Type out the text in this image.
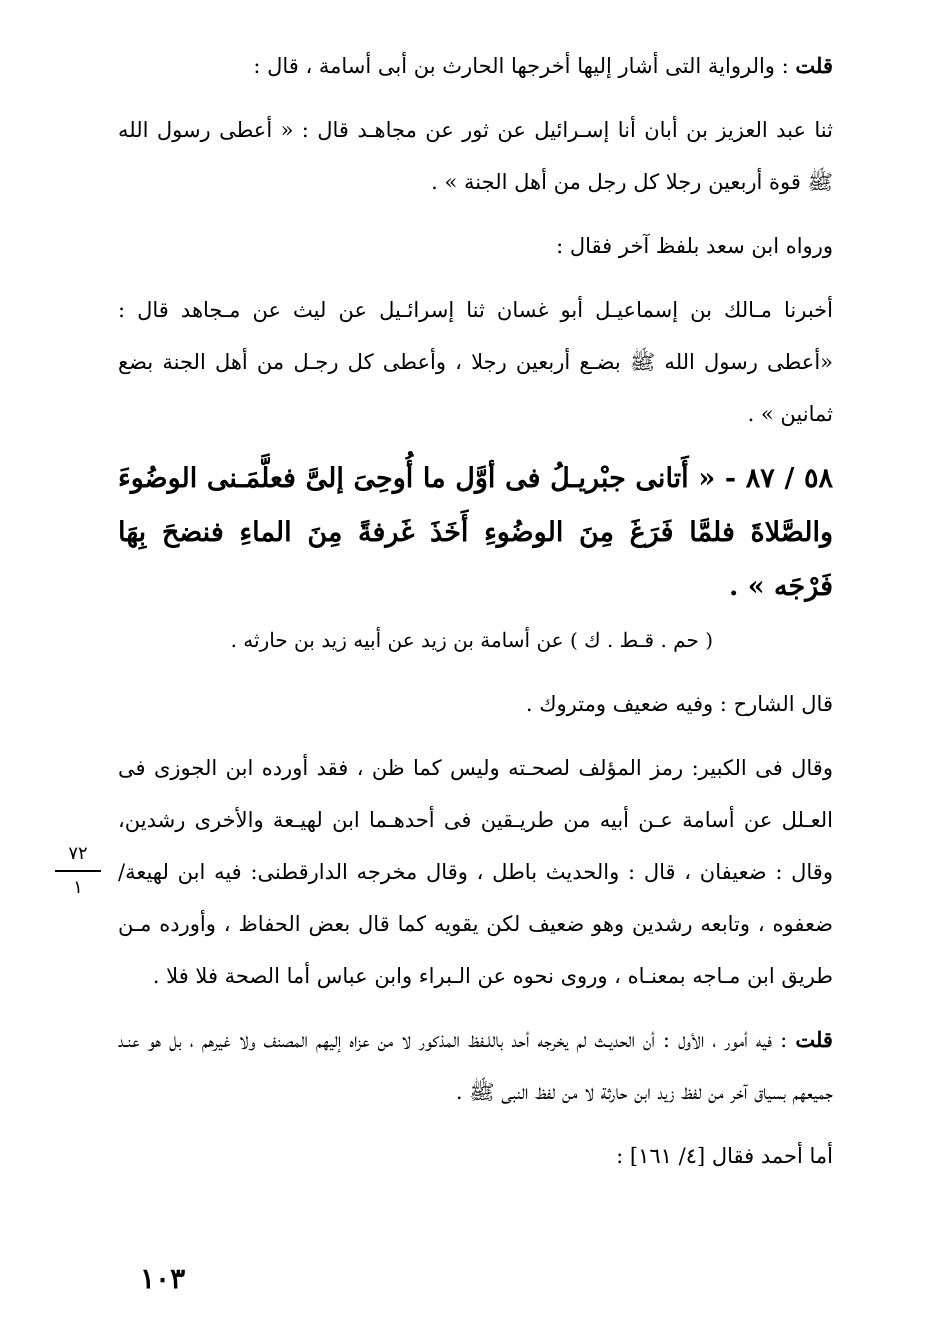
قلت : والرواية التى أشار إليها أخرجها الحارث بن أبى أسامة ، قال :

ثنا عبد العزيز بن أبان أنا إسـرائيل عن ثور عن مجاهـد قال : « أعطى رسول الله ﷺ قوة أربعين رجلا كل رجل من أهل الجنة » .

ورواه ابن سعد بلفظ آخر فقال :

أخبرنا مـالك بن إسماعيـل أبو غسان ثنا إسرائـيل عن ليث عن مـجاهد قال : «أعطى رسول الله ﷺ بضـع أربعين رجلا ، وأعطى كل رجـل من أهل الجنة بضع ثمانين » .

٥٨ / ٨٧ - « أَتانى جبْريـلُ فى أوَّل ما أُوحِىَ إلىَّ فعلَّمَـنى الوضُوءَ والصَّلاةَ فلمَّا فَرَغَ مِنَ الوضُوءِ أَخَذَ غَرفةً مِنَ الماءِ فنضحَ بِهَا فَرْجَه » .

( حم . قـط . ك ) عن أسامة بن زيد عن أبيه زيد بن حارثه .

قال الشارح : وفيه ضعيف ومتروك .

وقال فى الكبير: رمز المؤلف لصحـته وليس كما ظن ، فقد أورده ابن الجوزى فى العـلل عن أسامة عـن أبيه من طريـقين فى أحدهـما ابن لهيـعة والأخرى رشدين، وقال : ضعيفان ، قال : والحديث باطل ، وقال مخرجه الدارقطنى: فيه ابن لهيعة/ ضعفوه ، وتابعه رشدين وهو ضعيف لكن يقويه كما قال بعض الحفاظ ، وأورده مـن طريق ابن مـاجه بمعنـاه ، وروى نحوه عن الـبراء وابن عباس أما الصحة فلا فلا .

قلت : فيه أمور ، الأول : أن الحديـث لم يخرجه أحد باللـفظ المذكور لا من عزاه إليهم المصنف ولا غيرهم ، بل هو عنـد جميعهم بسياق آخر من لفظ زيد ابن حارثة لا من لفظ النبى ﷺ .

أما أحمد فقال [٤/ ١٦١] :

٧٢
١
١٠٣
